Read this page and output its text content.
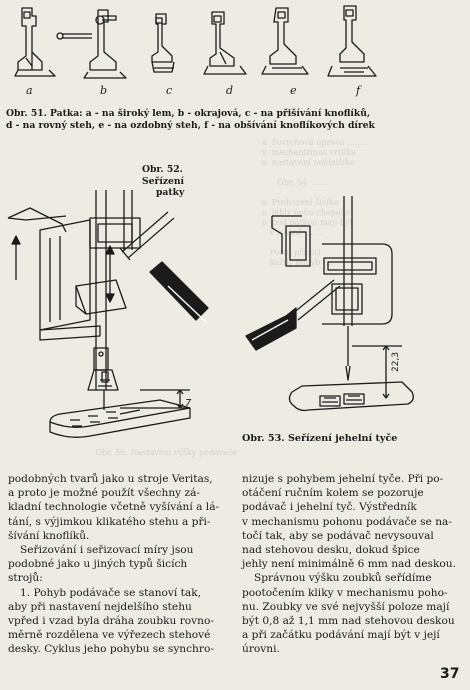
a  Povrchová úprava ........
v  mechanizmus vrtilka
a  nastavení nejdelšího

Obr. 54  ......

a  Prohození šicího
o  jehly nebo chapače
o  pod patkou mají být
v rovině .......

Pozn. při šití
každý pohyb ....
Obr. 56. Nastavení výšky podávače
a	b	c	d	e	f
Obr. 51. Patka: a - na široký lem, b - okrajová, c - na přišívání knoflíků,
d - na rovný steh, e - na ozdobný steh, f - na obšívání knoflíkových dírek
Obr. 52.
Seřízení
patky
7
22,3
Obr. 53. Seřízení jehelní tyče
podobných tvarů jako u stroje Veritas,
a proto je možné použít všechny zá-
kladní technologie včetně vyšívání a lá-
tání, s výjimkou klikatého stehu a při-
šívání knoflíků.
Seřizování i seřizovací míry jsou
podobné jako u jiných typů šicích
strojů:
1. Pohyb podávače se stanoví tak,
aby při nastavení nejdelšího stehu
vpřed i vzad byla dráha zoubku rovno-
měrně rozdělena ve výřezech stehové
desky. Cyklus jeho pohybu se synchro-
nizuje s pohybem jehelní tyče. Při po-
otáčení ručním kolem se pozoruje
podávač i jehelní tyč. Výstředník
v mechanismu pohonu podávače se na-
točí tak, aby se podávač nevysouval
nad stehovou desku, dokud špice
jehly není minimálně 6 mm nad deskou.
Správnou výšku zoubků seřídíme
pootočením kliky v mechanismu poho-
nu. Zoubky ve své nejvyšší poloze mají
být 0,8 až 1,1 mm nad stehovou deskou
a při začátku podávání mají být v její
úrovni.
37
